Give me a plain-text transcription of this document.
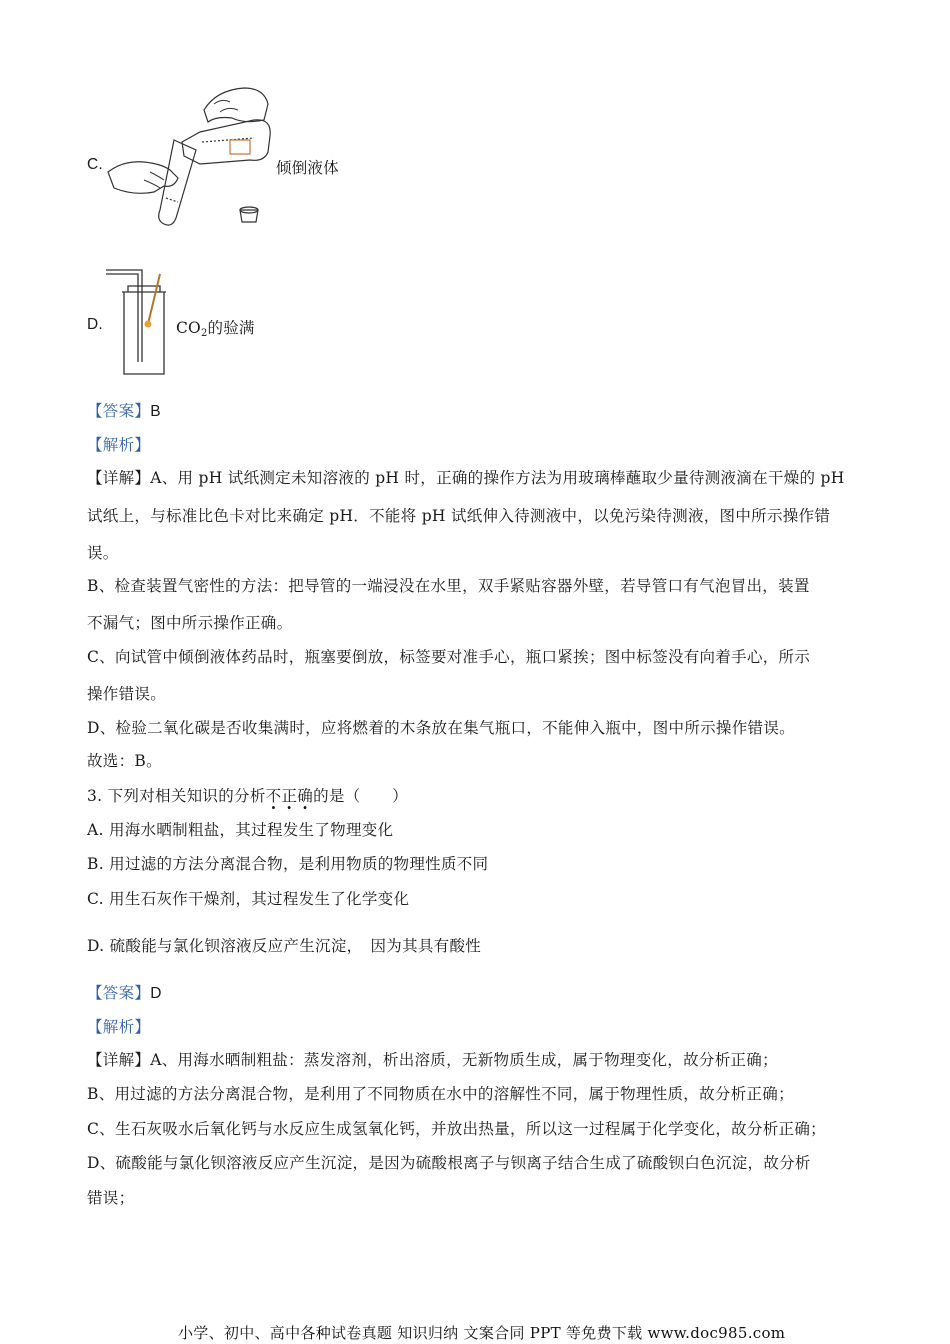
C.	倾倒液体
D.	$CO_2$的验满
【答案】B
【解析】
【详解】A、用 pH 试纸测定未知溶液的 pH 时，正确的操作方法为用玻璃棒蘸取少量待测液滴在干燥的 pH
试纸上，与标准比色卡对比来确定 pH．不能将 pH 试纸伸入待测液中，以免污染待测液，图中所示操作错
误。
B、检查装置气密性的方法：把导管的一端浸没在水里，双手紧贴容器外壁，若导管口有气泡冒出，装置
不漏气；图中所示操作正确。
C、向试管中倾倒液体药品时，瓶塞要倒放，标签要对准手心，瓶口紧挨；图中标签没有向着手心，所示
操作错误。
D、检验二氧化碳是否收集满时，应将燃着的木条放在集气瓶口，不能伸入瓶中，图中所示操作错误。
故选：B。
3. 下列对相关知识的分析不正确的是（　　）
A. 用海水晒制粗盐，其过程发生了物理变化
B. 用过滤的方法分离混合物，是利用物质的物理性质不同
C. 用生石灰作干燥剂，其过程发生了化学变化
D. 硫酸能与氯化钡溶液反应产生沉淀，　因为其具有酸性
【答案】D
【解析】
【详解】A、用海水晒制粗盐：蒸发溶剂，析出溶质，无新物质生成，属于物理变化，故分析正确；
B、用过滤的方法分离混合物，是利用了不同物质在水中的溶解性不同，属于物理性质，故分析正确；
C、生石灰吸水后氧化钙与水反应生成氢氧化钙，并放出热量，所以这一过程属于化学变化，故分析正确；
D、硫酸能与氯化钡溶液反应产生沉淀，是因为硫酸根离子与钡离子结合生成了硫酸钡白色沉淀，故分析
错误；
小学、初中、高中各种试卷真题 知识归纳 文案合同 PPT 等免费下载 www.doc985.com
